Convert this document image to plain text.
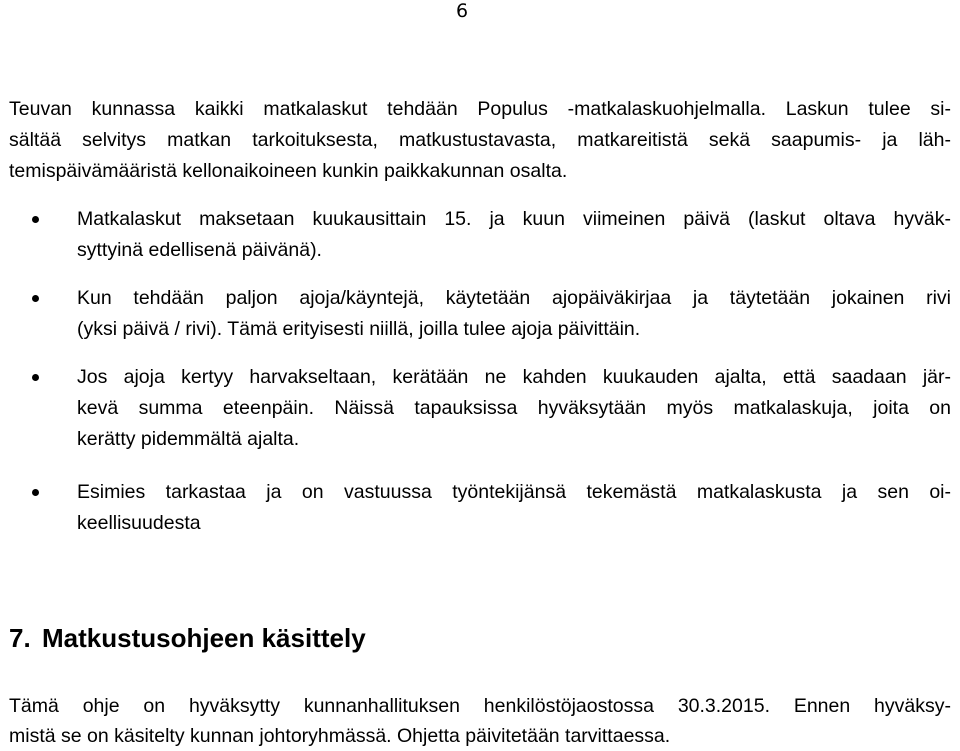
6

Teuvan kunnassa kaikki matkalaskut tehdään Populus -matkalaskuohjelmalla. Laskun tulee si-
sältää selvitys matkan tarkoituksesta, matkustustavasta, matkareitistä sekä saapumis- ja läh-
temispäivämääristä kellonaikoineen kunkin paikkakunnan osalta.

Matkalaskut maksetaan kuukausittain 15. ja kuun viimeinen päivä (laskut oltava hyväk-
syttyinä edellisenä päivänä).
Kun tehdään paljon ajoja/käyntejä, käytetään ajopäiväkirjaa ja täytetään jokainen rivi
(yksi päivä / rivi). Tämä erityisesti niillä, joilla tulee ajoja päivittäin.
Jos ajoja kertyy harvakseltaan, kerätään ne kahden kuukauden ajalta, että saadaan jär-
kevä summa eteenpäin. Näissä tapauksissa hyväksytään myös matkalaskuja, joita on
kerätty pidemmältä ajalta.
Esimies tarkastaa ja on vastuussa työntekijänsä tekemästä matkalaskusta ja sen oi-
keellisuudesta
7. Matkustusohjeen käsittely

Tämä ohje on hyväksytty kunnanhallituksen henkilöstöjaostossa 30.3.2015. Ennen hyväksy-
mistä se on käsitelty kunnan johtoryhmässä. Ohjetta päivitetään tarvittaessa.
